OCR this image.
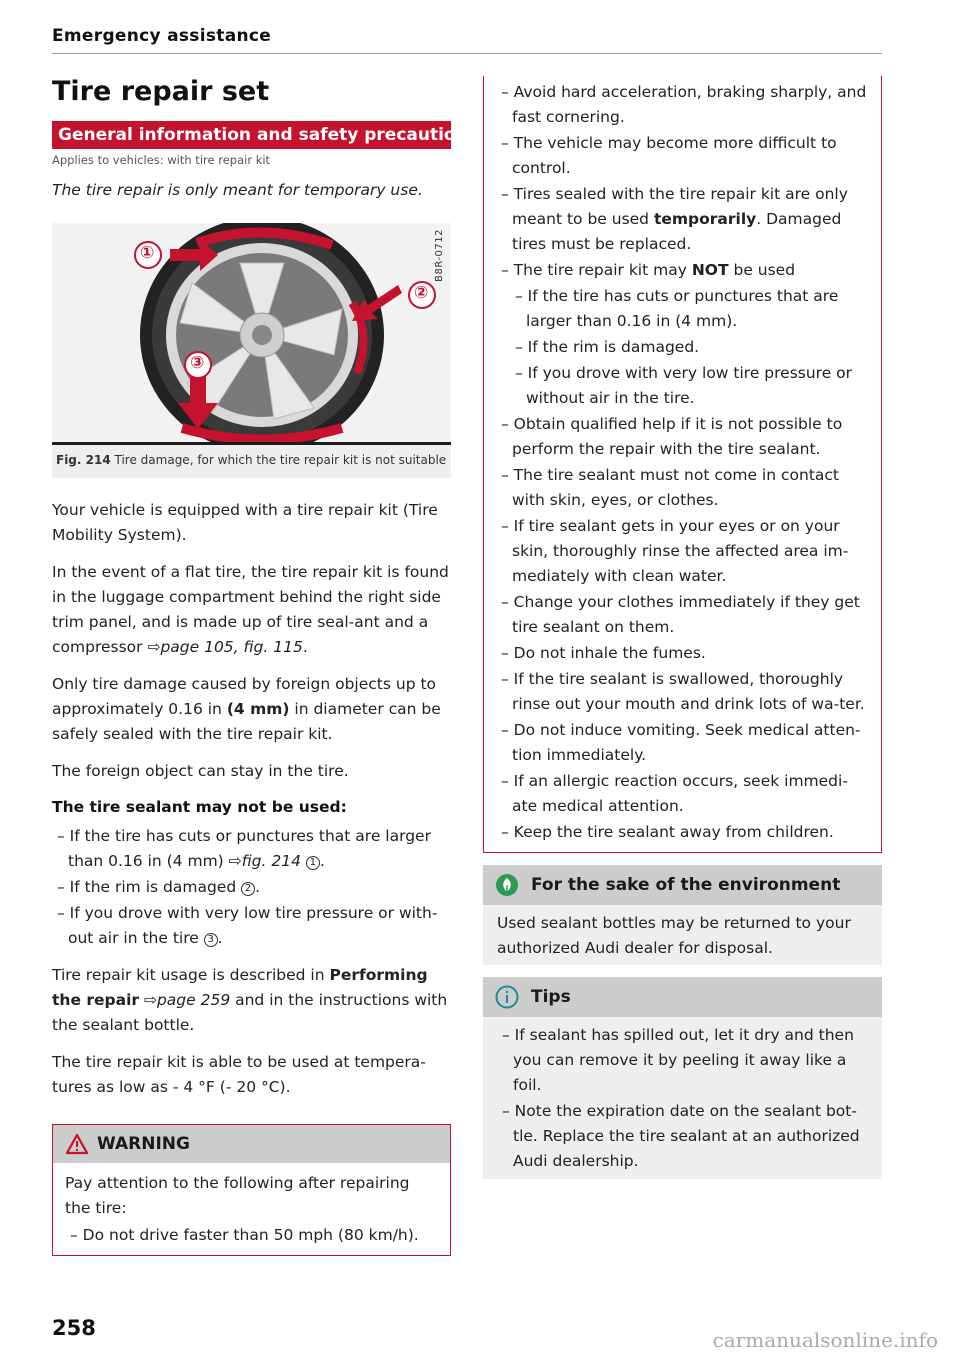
Emergency assistance
Tire repair set
General information and safety precautions
Applies to vehicles: with tire repair kit
The tire repair is only meant for temporary use.
①
②
③
B8R-0712
Fig. 214 Tire damage, for which the tire repair kit is not suitable

Your vehicle is equipped with a tire repair kit (Tire Mobility System).

In the event of a flat tire, the tire repair kit is found in the luggage compartment behind the right side trim panel, and is made up of tire seal-ant and a compressor ⇨page 105, fig. 115.

Only tire damage caused by foreign objects up to approximately 0.16 in (4 mm) in diameter can be safely sealed with the tire repair kit.

The foreign object can stay in the tire.

The tire sealant may not be used:
– If the tire has cuts or punctures that are larger than 0.16 in (4 mm) ⇨fig. 214 1 .
– If the rim is damaged 2 .
– If you drove with very low tire pressure or with-out air in the tire 3 .

Tire repair kit usage is described in Performing the repair ⇨page 259 and in the instructions with the sealant bottle.

The tire repair kit is able to be used at tempera-tures as low as - 4 °F (- 20 °C).

WARNING

Pay attention to the following after repairing the tire:

– Do not drive faster than 50 mph (80 km/h).
– Avoid hard acceleration, braking sharply, and fast cornering.
– The vehicle may become more difficult to control.
– Tires sealed with the tire repair kit are only meant to be used temporarily. Damaged tires must be replaced.
– The tire repair kit may NOT be used
– If the tire has cuts or punctures that are larger than 0.16 in (4 mm).
– If the rim is damaged.
– If you drove with very low tire pressure or without air in the tire.
– Obtain qualified help if it is not possible to perform the repair with the tire sealant.
– The tire sealant must not come in contact with skin, eyes, or clothes.
– If tire sealant gets in your eyes or on your skin, thoroughly rinse the affected area im-mediately with clean water.
– Change your clothes immediately if they get tire sealant on them.
– Do not inhale the fumes.
– If the tire sealant is swallowed, thoroughly rinse out your mouth and drink lots of wa-ter.
– Do not induce vomiting. Seek medical atten-tion immediately.
– If an allergic reaction occurs, seek immedi-ate medical attention.
– Keep the tire sealant away from children.
For the sake of the environment

Used sealant bottles may be returned to your authorized Audi dealer for disposal.

Tips
– If sealant has spilled out, let it dry and then you can remove it by peeling it away like a foil.
– Note the expiration date on the sealant bot-tle. Replace the tire sealant at an authorized Audi dealership.
258	carmanualsonline.info
